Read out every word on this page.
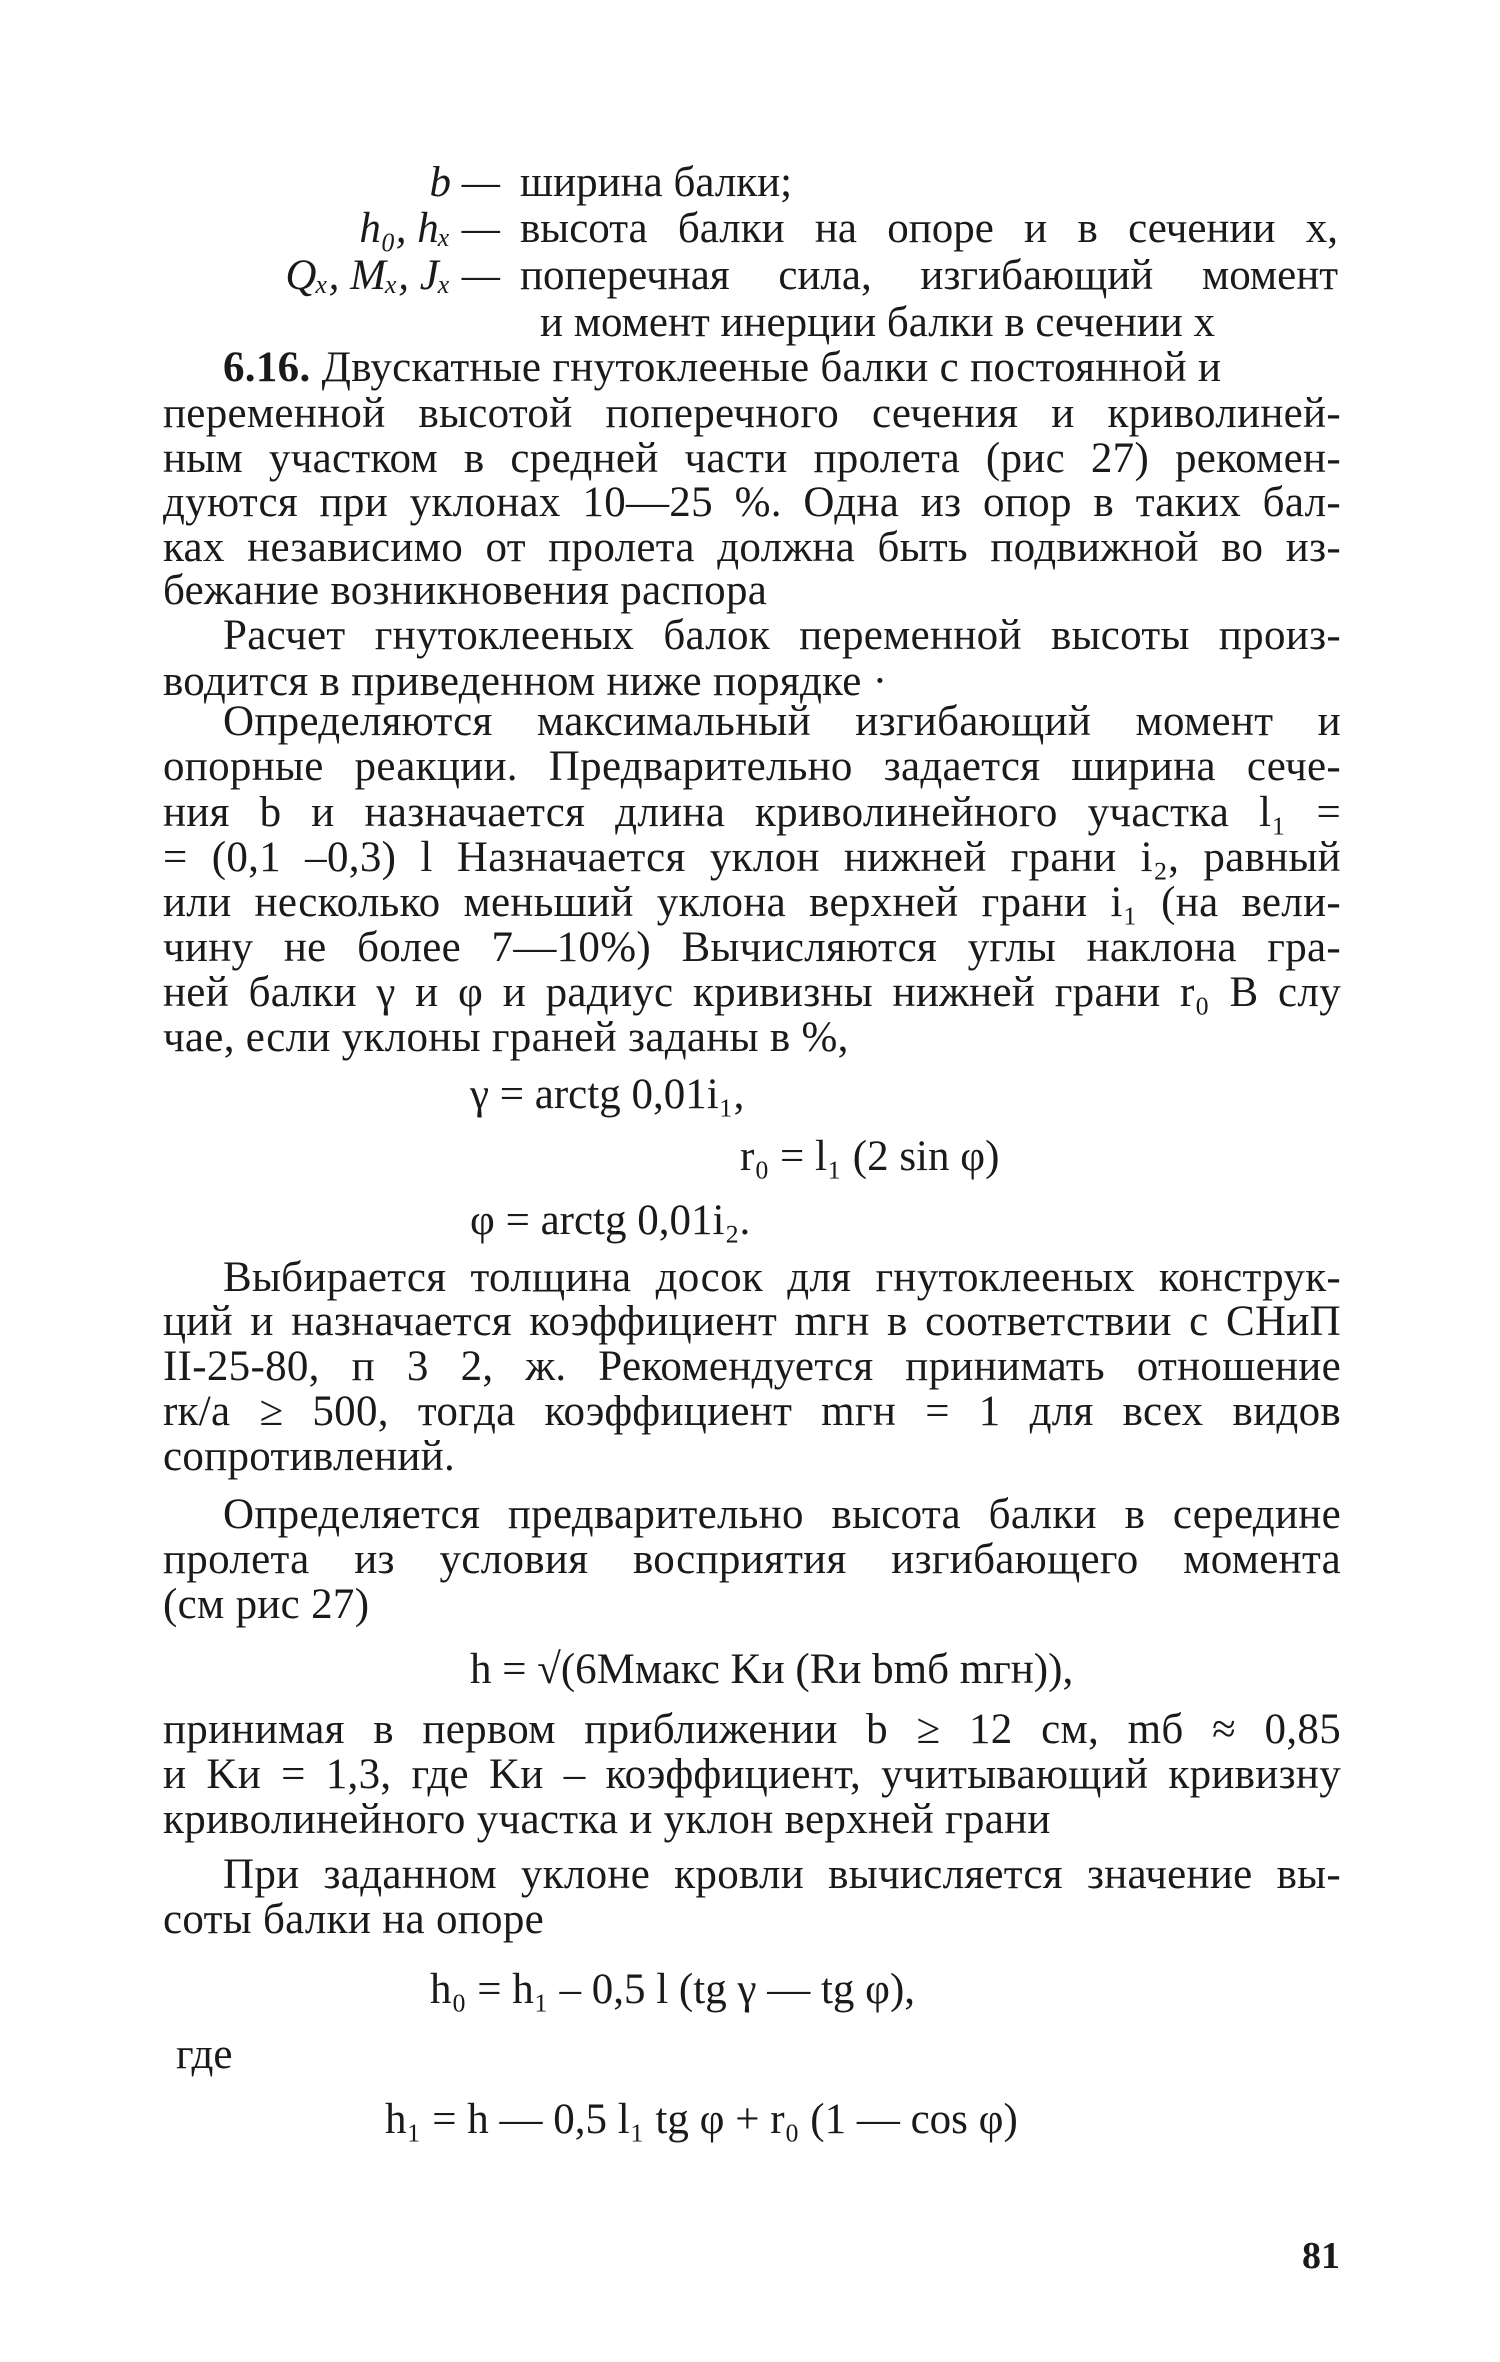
b — ширина балки;
h₀, hₓ — высота балки на опоре и в сечении x,
Qₓ, Mₓ, Jₓ — поперечная сила, изгибающий момент
и момент инерции балки в сечении x
6.16. Двускатные гнутоклееные балки с постоянной и
переменной высотой поперечного сечения и криволиней-
ным участком в средней части пролета (рис 27) рекомен-
дуются при уклонах 10—25 %. Одна из опор в таких бал-
ках независимо от пролета должна быть подвижной во из-
бежание возникновения распора
Расчет гнутоклееных балок переменной высоты произ-
водится в приведенном ниже порядке ·
Определяются максимальный изгибающий момент и
опорные реакции. Предварительно задается ширина сече-
ния b и назначается длина криволинейного участка l₁ =
= (0,1 –0,3) l Назначается уклон нижней грани i₂, равный
или несколько меньший уклона верхней грани i₁ (на вели-
чину не более 7—10%) Вычисляются углы наклона гра-
ней балки γ и φ и радиус кривизны нижней грани r₀ В слу
чае, если уклоны граней заданы в %,
γ = arctg 0,01i₁,
r₀ = l₁ (2 sin φ)
φ = arctg 0,01i₂.
Выбирается толщина досок для гнутоклееных конструк-
ций и назначается коэффициент mгн в соответствии с СНиП
II-25-80, п 3 2, ж. Рекомендуется принимать отношение
rк/a ≥ 500, тогда коэффициент mгн = 1 для всех видов
сопротивлений.
Определяется предварительно высота балки в середине
пролета из условия восприятия изгибающего момента
(см рис 27)
h = √(6Mмакс Kи (Rи bmб mгн)),
принимая в первом приближении b ≥ 12 см, mб ≈ 0,85
и Kи = 1,3, где Kи – коэффициент, учитывающий кривизну
криволинейного участка и уклон верхней грани
При заданном уклоне кровли вычисляется значение вы-
соты балки на опоре
h₀ = h₁ – 0,5 l (tg γ — tg φ),
где
h₁ = h — 0,5 l₁ tg φ + r₀ (1 — cos φ)
81
